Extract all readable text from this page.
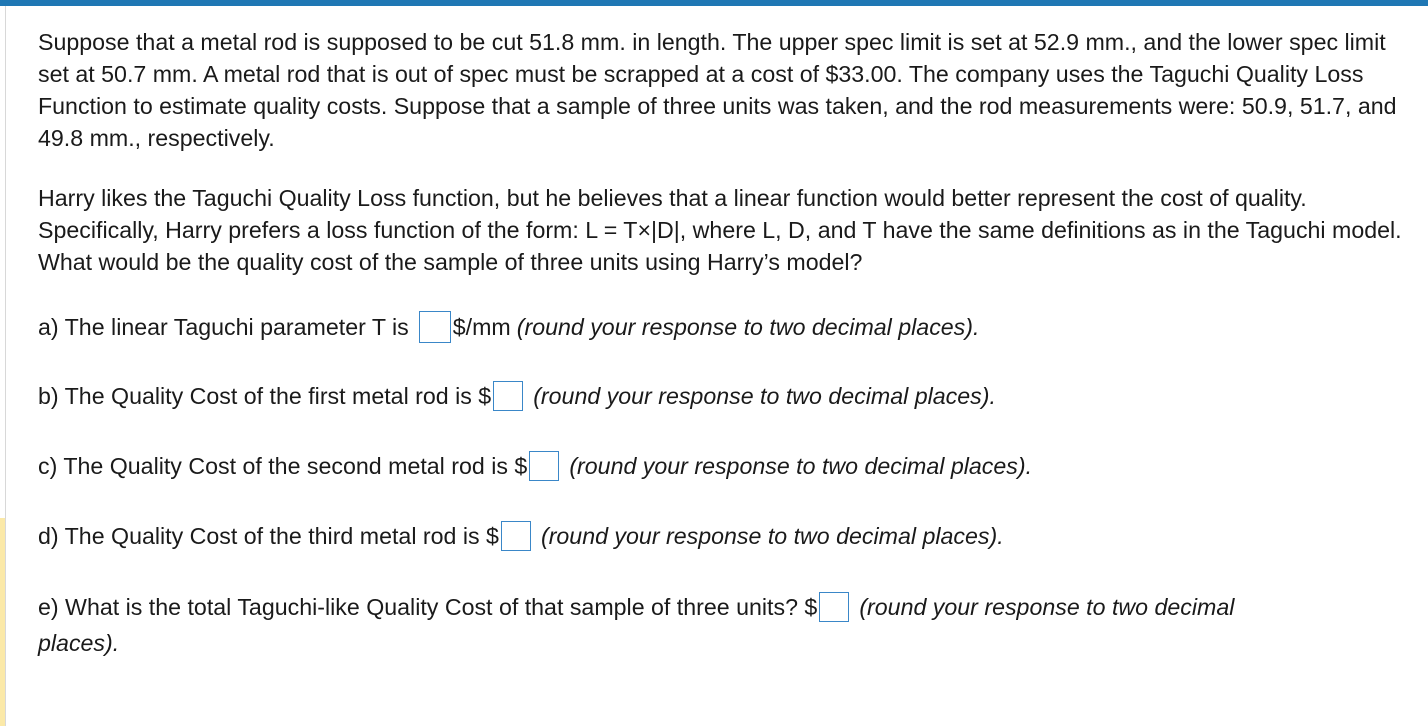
Suppose that a metal rod is supposed to be cut 51.8 mm. in length. The upper spec limit is set at 52.9 mm., and the lower spec limit set at 50.7 mm. A metal rod that is out of spec must be scrapped at a cost of $33.00. The company uses the Taguchi Quality Loss Function to estimate quality costs. Suppose that a sample of three units was taken, and the rod measurements were: 50.9, 51.7, and 49.8 mm., respectively.

Harry likes the Taguchi Quality Loss function, but he believes that a linear function would better represent the cost of quality. Specifically, Harry prefers a loss function of the form: L = T×|D|, where L, D, and T have the same definitions as in the Taguchi model. What would be the quality cost of the sample of three units using Harry’s model?

a) The linear Taguchi parameter T is $/mm (round your response to two decimal places).
b) The Quality Cost of the first metal rod is $ (round your response to two decimal places).
c) The Quality Cost of the second metal rod is $ (round your response to two decimal places).
d) The Quality Cost of the third metal rod is $ (round your response to two decimal places).
e) What is the total Taguchi-like Quality Cost of that sample of three units? $ (round your response to two decimal
places).
